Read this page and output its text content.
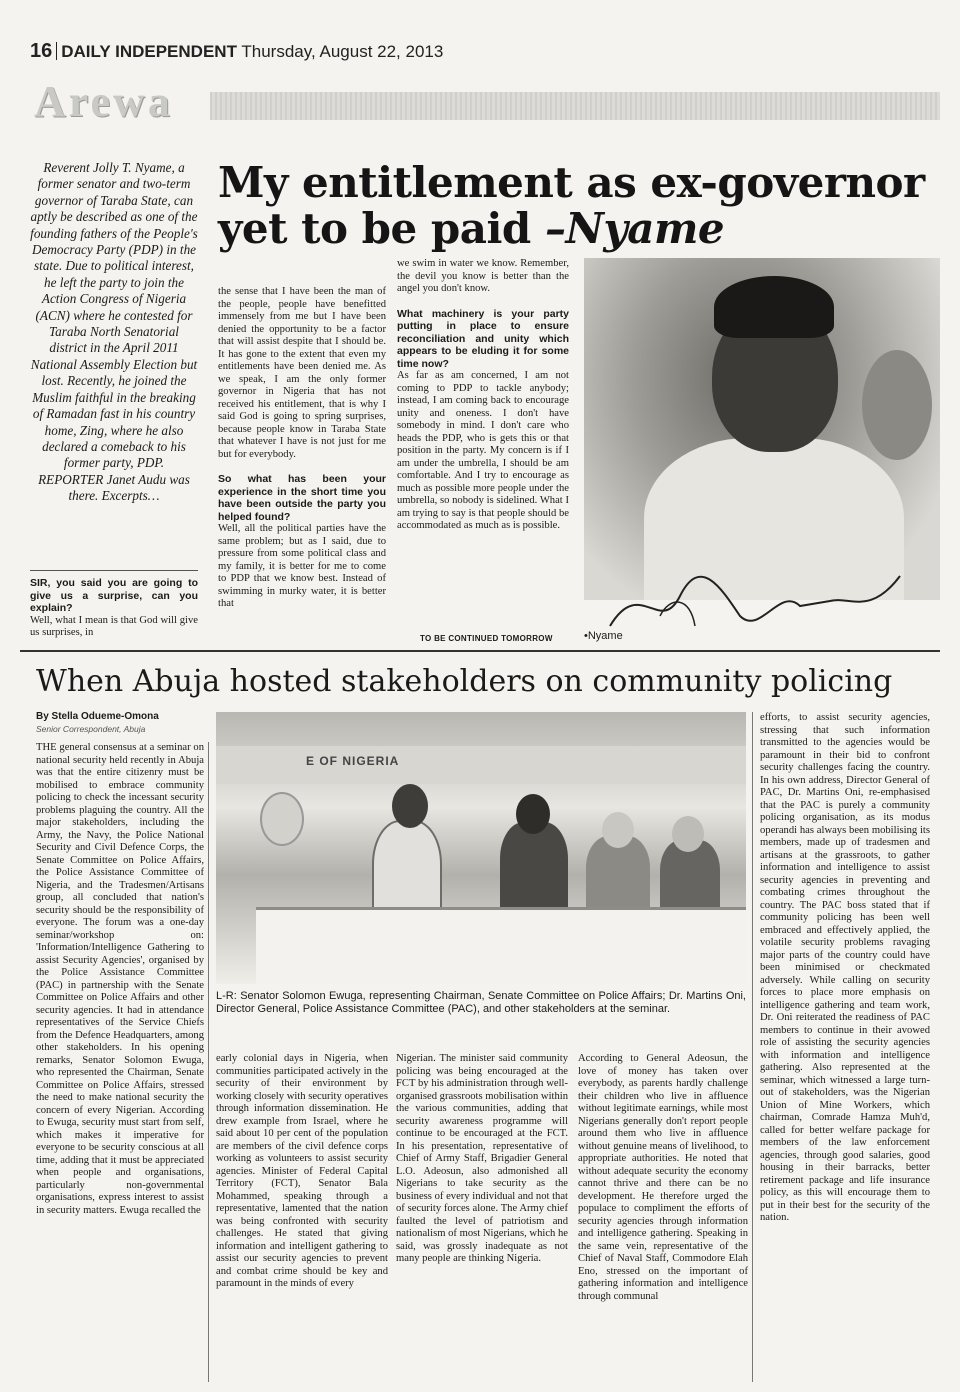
16 DAILY INDEPENDENT Thursday, August 22, 2013
Arewa
Reverent Jolly T. Nyame, a former senator and two-term governor of Taraba State, can aptly be described as one of the founding fathers of the People's Democracy Party (PDP) in the state. Due to political interest, he left the party to join the Action Congress of Nigeria (ACN) where he contested for Taraba North Senatorial district in the April 2011 National Assembly Election but lost. Recently, he joined the Muslim faithful in the breaking of Ramadan fast in his country home, Zing, where he also declared a comeback to his former party, PDP. REPORTER Janet Audu was there. Excerpts…
My entitlement as ex-governor yet to be paid –Nyame

SIR, you said you are going to give us a surprise, can you explain?

Well, what I mean is that God will give us surprises, in

the sense that I have been the man of the people, people have benefitted immensely from me but I have been denied the opportunity to be a factor that will assist despite that I should be. It has gone to the extent that even my entitlements have been denied me. As we speak, I am the only former governor in Nigeria that has not received his entitlement, that is why I said God is going to spring surprises, because people know in Taraba State that whatever I have is not just for me but for everybody.

So what has been your experience in the short time you have been outside the party you helped found?

Well, all the political parties have the same problem; but as I said, due to pressure from some political class and my family, it is better for me to come to PDP that we know best. Instead of swimming in murky water, it is better that

we swim in water we know. Remember, the devil you know is better than the angel you don't know.

What machinery is your party putting in place to ensure reconciliation and unity which appears to be eluding it for some time now?

As far as am concerned, I am not coming to PDP to tackle anybody; instead, I am coming back to encourage unity and oneness. I don't have somebody in mind. I don't care who heads the PDP, who is gets this or that position in the party. My concern is if I am under the umbrella, I should be am comfortable. And I try to encourage as much as possible more people under the umbrella, so nobody is sidelined. What I am trying to say is that people should be accommodated as much as is possible.

TO BE CONTINUED TOMORROW	•Nyame
When Abuja hosted stakeholders on community policing
By Stella Odueme-Omona
Senior Correspondent, Abuja
THE general consensus at a seminar on national security held recently in Abuja was that the entire citizenry must be mobilised to embrace community policing to check the incessant security problems plaguing the country. All the major stakeholders, including the Army, the Navy, the Police National Security and Civil Defence Corps, the Senate Committee on Police Affairs, the Police Assistance Committee of Nigeria, and the Tradesmen/Artisans group, all concluded that nation's security should be the responsibility of everyone. The forum was a one-day seminar/workshop on: 'Information/Intelligence Gathering to assist Security Agencies', organised by the Police Assistance Committee (PAC) in partnership with the Senate Committee on Police Affairs and other security agencies. It had in attendance representatives of the Service Chiefs from the Defence Headquarters, among other stakeholders. In his opening remarks, Senator Solomon Ewuga, who represented the Chairman, Senate Committee on Police Affairs, stressed the need to make national security the concern of every Nigerian. According to Ewuga, security must start from self, which makes it imperative for everyone to be security conscious at all time, adding that it must be appreciated when people and organisations, particularly non-governmental organisations, express interest to assist in security matters. Ewuga recalled the
E OF NIGERIA
L-R: Senator Solomon Ewuga, representing Chairman, Senate Committee on Police Affairs; Dr. Martins Oni, Director General, Police Assistance Committee (PAC), and other stakeholders at the seminar.
efforts, to assist security agencies, stressing that such information transmitted to the agencies would be paramount in their bid to confront security challenges facing the country. In his own address, Director General of PAC, Dr. Martins Oni, re-emphasised that the PAC is purely a community policing organisation, as its modus operandi has always been mobilising its members, made up of tradesmen and artisans at the grassroots, to gather information and intelligence to assist security agencies in preventing and combating crimes throughout the country. The PAC boss stated that if community policing has been well embraced and effectively applied, the volatile security problems ravaging major parts of the country could have been minimised or checkmated adversely. While calling on security forces to place more emphasis on intelligence gathering and team work, Dr. Oni reiterated the readiness of PAC members to continue in their avowed role of assisting the security agencies with information and intelligence gathering. Also represented at the seminar, which witnessed a large turn-out of stakeholders, was the Nigerian Union of Mine Workers, which chairman, Comrade Hamza Muh'd, called for better welfare package for members of the law enforcement agencies, through good salaries, good housing in their barracks, better retirement package and life insurance policy, as this will encourage them to put in their best for the security of the nation.
early colonial days in Nigeria, when communities participated actively in the security of their environment by working closely with security operatives through information dissemination. He drew example from Israel, where he said about 10 per cent of the population are members of the civil defence corps working as volunteers to assist security agencies. Minister of Federal Capital Territory (FCT), Senator Bala Mohammed, speaking through a representative, lamented that the nation was being confronted with security challenges. He stated that giving information and intelligent gathering to assist our security agencies to prevent and combat crime should be key and paramount in the minds of every
Nigerian. The minister said community policing was being encouraged at the FCT by his administration through well-organised grassroots mobilisation within the various communities, adding that security awareness programme will continue to be encouraged at the FCT. In his presentation, representative of Chief of Army Staff, Brigadier General L.O. Adeosun, also admonished all Nigerians to take security as the business of every individual and not that of security forces alone. The Army chief faulted the level of patriotism and nationalism of most Nigerians, which he said, was grossly inadequate as not many people are thinking Nigeria.
According to General Adeosun, the love of money has taken over everybody, as parents hardly challenge their children who live in affluence without legitimate earnings, while most Nigerians generally don't report people around them who live in affluence without genuine means of livelihood, to appropriate authorities. He noted that without adequate security the economy cannot thrive and there can be no development. He therefore urged the populace to compliment the efforts of security agencies through information and intelligence gathering. Speaking in the same vein, representative of the Chief of Naval Staff, Commodore Elah Eno, stressed on the important of gathering information and intelligence through communal
